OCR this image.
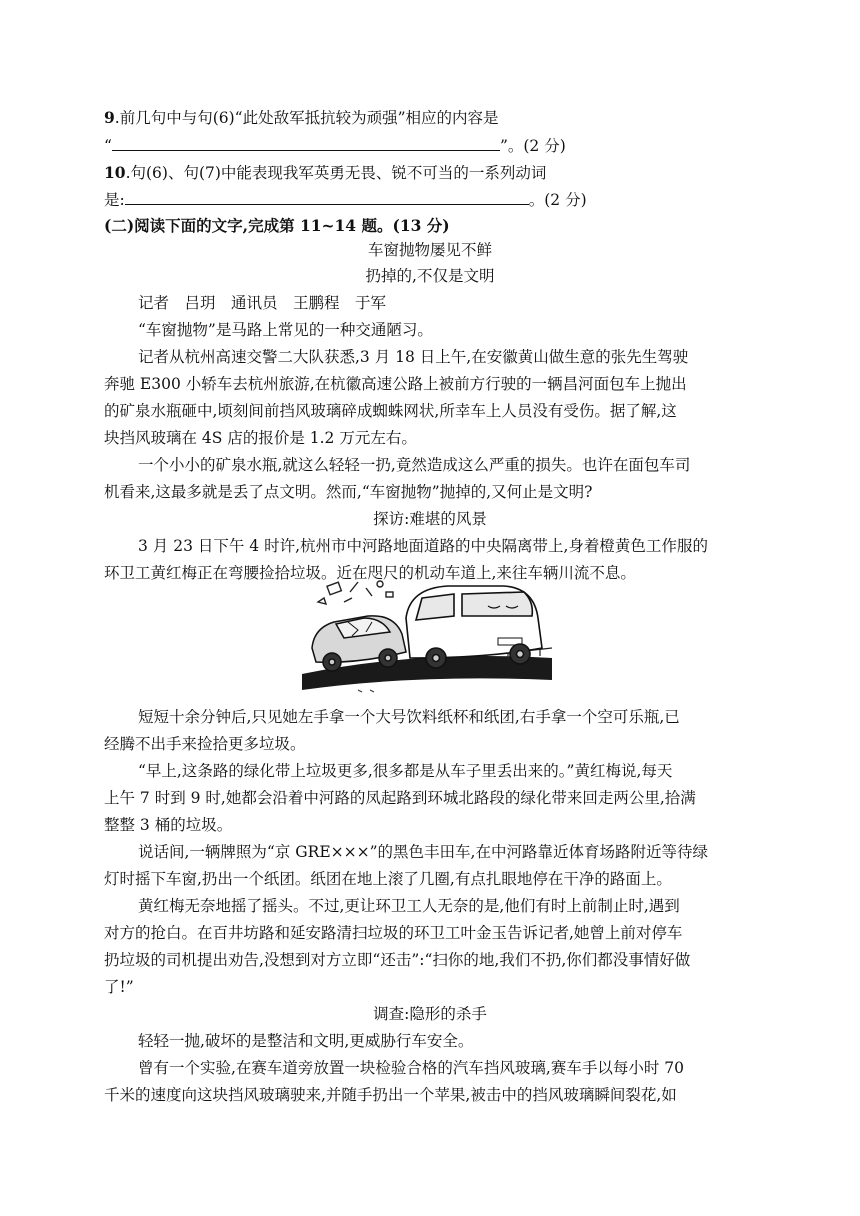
9.前几句中与句(6)“此处敌军抵抗较为顽强”相应的内容是
“	”。(2 分)
10.句(6)、句(7)中能表现我军英勇无畏、锐不可当的一系列动词
是:	。(2 分)
(二)阅读下面的文字,完成第 11~14 题。(13 分)
车窗抛物屡见不鲜
扔掉的,不仅是文明
记者　吕玥　通讯员　王鹏程　于军
“车窗抛物”是马路上常见的一种交通陋习。
记者从杭州高速交警二大队获悉,3 月 18 日上午,在安徽黄山做生意的张先生驾驶
奔驰 E300 小轿车去杭州旅游,在杭徽高速公路上被前方行驶的一辆昌河面包车上抛出
的矿泉水瓶砸中,顷刻间前挡风玻璃碎成蜘蛛网状,所幸车上人员没有受伤。据了解,这
块挡风玻璃在 4S 店的报价是 1.2 万元左右。
一个小小的矿泉水瓶,就这么轻轻一扔,竟然造成这么严重的损失。也许在面包车司
机看来,这最多就是丢了点文明。然而,“车窗抛物”抛掉的,又何止是文明?
探访:难堪的风景
3 月 23 日下午 4 时许,杭州市中河路地面道路的中央隔离带上,身着橙黄色工作服的
环卫工黄红梅正在弯腰捡拾垃圾。近在咫尺的机动车道上,来往车辆川流不息。
短短十余分钟后,只见她左手拿一个大号饮料纸杯和纸团,右手拿一个空可乐瓶,已
经腾不出手来捡拾更多垃圾。
“早上,这条路的绿化带上垃圾更多,很多都是从车子里丢出来的。”黄红梅说,每天
上午 7 时到 9 时,她都会沿着中河路的凤起路到环城北路段的绿化带来回走两公里,拾满
整整 3 桶的垃圾。
说话间,一辆牌照为“京 GRE×××”的黑色丰田车,在中河路靠近体育场路附近等待绿
灯时摇下车窗,扔出一个纸团。纸团在地上滚了几圈,有点扎眼地停在干净的路面上。
黄红梅无奈地摇了摇头。不过,更让环卫工人无奈的是,他们有时上前制止时,遇到
对方的抢白。在百井坊路和延安路清扫垃圾的环卫工叶金玉告诉记者,她曾上前对停车
扔垃圾的司机提出劝告,没想到对方立即“还击”:“扫你的地,我们不扔,你们都没事情好做
了!”
调查:隐形的杀手
轻轻一抛,破坏的是整洁和文明,更威胁行车安全。
曾有一个实验,在赛车道旁放置一块检验合格的汽车挡风玻璃,赛车手以每小时 70
千米的速度向这块挡风玻璃驶来,并随手扔出一个苹果,被击中的挡风玻璃瞬间裂花,如
